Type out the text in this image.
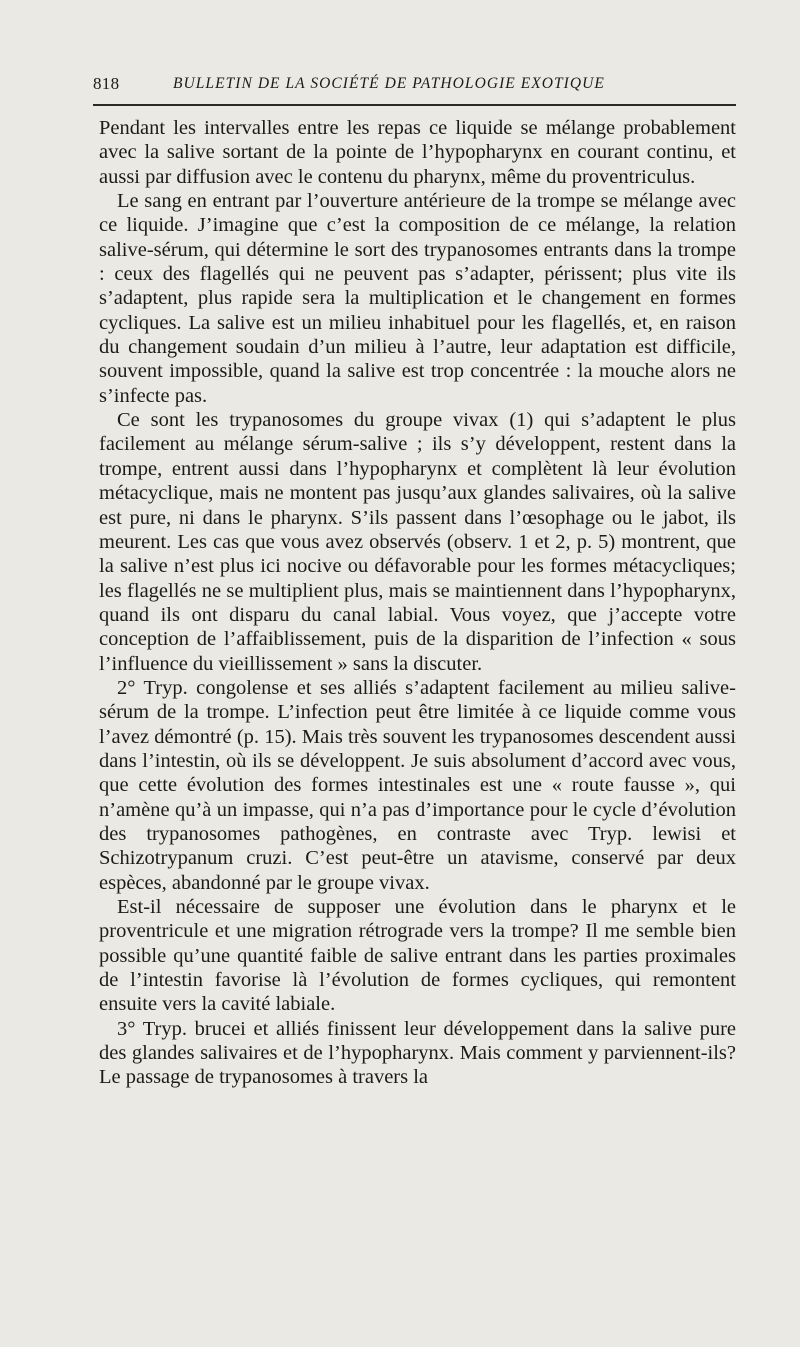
818	BULLETIN DE LA SOCIÉTÉ DE PATHOLOGIE EXOTIQUE

Pendant les intervalles entre les repas ce liquide se mélange probablement avec la salive sortant de la pointe de l’hypopharynx en courant continu, et aussi par diffusion avec le contenu du pharynx, même du proventriculus.

Le sang en entrant par l’ouverture antérieure de la trompe se mélange avec ce liquide. J’imagine que c’est la composition de ce mélange, la relation salive-sérum, qui détermine le sort des trypanosomes entrants dans la trompe : ceux des flagellés qui ne peuvent pas s’adapter, périssent; plus vite ils s’adaptent, plus rapide sera la multiplication et le changement en formes cycliques. La salive est un milieu inhabituel pour les flagellés, et, en raison du changement soudain d’un milieu à l’autre, leur adaptation est difficile, souvent impossible, quand la salive est trop concentrée : la mouche alors ne s’infecte pas.

Ce sont les trypanosomes du groupe vivax (1) qui s’adaptent le plus facilement au mélange sérum-salive ; ils s’y développent, restent dans la trompe, entrent aussi dans l’hypopharynx et complètent là leur évolution métacyclique, mais ne montent pas jusqu’aux glandes salivaires, où la salive est pure, ni dans le pharynx. S’ils passent dans l’œsophage ou le jabot, ils meurent. Les cas que vous avez observés (observ. 1 et 2, p. 5) montrent, que la salive n’est plus ici nocive ou défavorable pour les formes métacycliques; les flagellés ne se multiplient plus, mais se maintiennent dans l’hypopharynx, quand ils ont disparu du canal labial. Vous voyez, que j’accepte votre conception de l’affaiblissement, puis de la disparition de l’infection « sous l’influence du vieillissement » sans la discuter.

2° Tryp. congolense et ses alliés s’adaptent facilement au milieu salive-sérum de la trompe. L’infection peut être limitée à ce liquide comme vous l’avez démontré (p. 15). Mais très souvent les trypanosomes descendent aussi dans l’intestin, où ils se développent. Je suis absolument d’accord avec vous, que cette évolution des formes intestinales est une « route fausse », qui n’amène qu’à un impasse, qui n’a pas d’importance pour le cycle d’évolution des trypanosomes pathogènes, en contraste avec Tryp. lewisi et Schizotrypanum cruzi. C’est peut-être un atavisme, conservé par deux espèces, abandonné par le groupe vivax.

Est-il nécessaire de supposer une évolution dans le pharynx et le proventricule et une migration rétrograde vers la trompe? Il me semble bien possible qu’une quantité faible de salive entrant dans les parties proximales de l’intestin favorise là l’évolution de formes cycliques, qui remontent ensuite vers la cavité labiale.

3° Tryp. brucei et alliés finissent leur développement dans la salive pure des glandes salivaires et de l’hypopharynx. Mais comment y parviennent-ils? Le passage de trypanosomes à travers la
